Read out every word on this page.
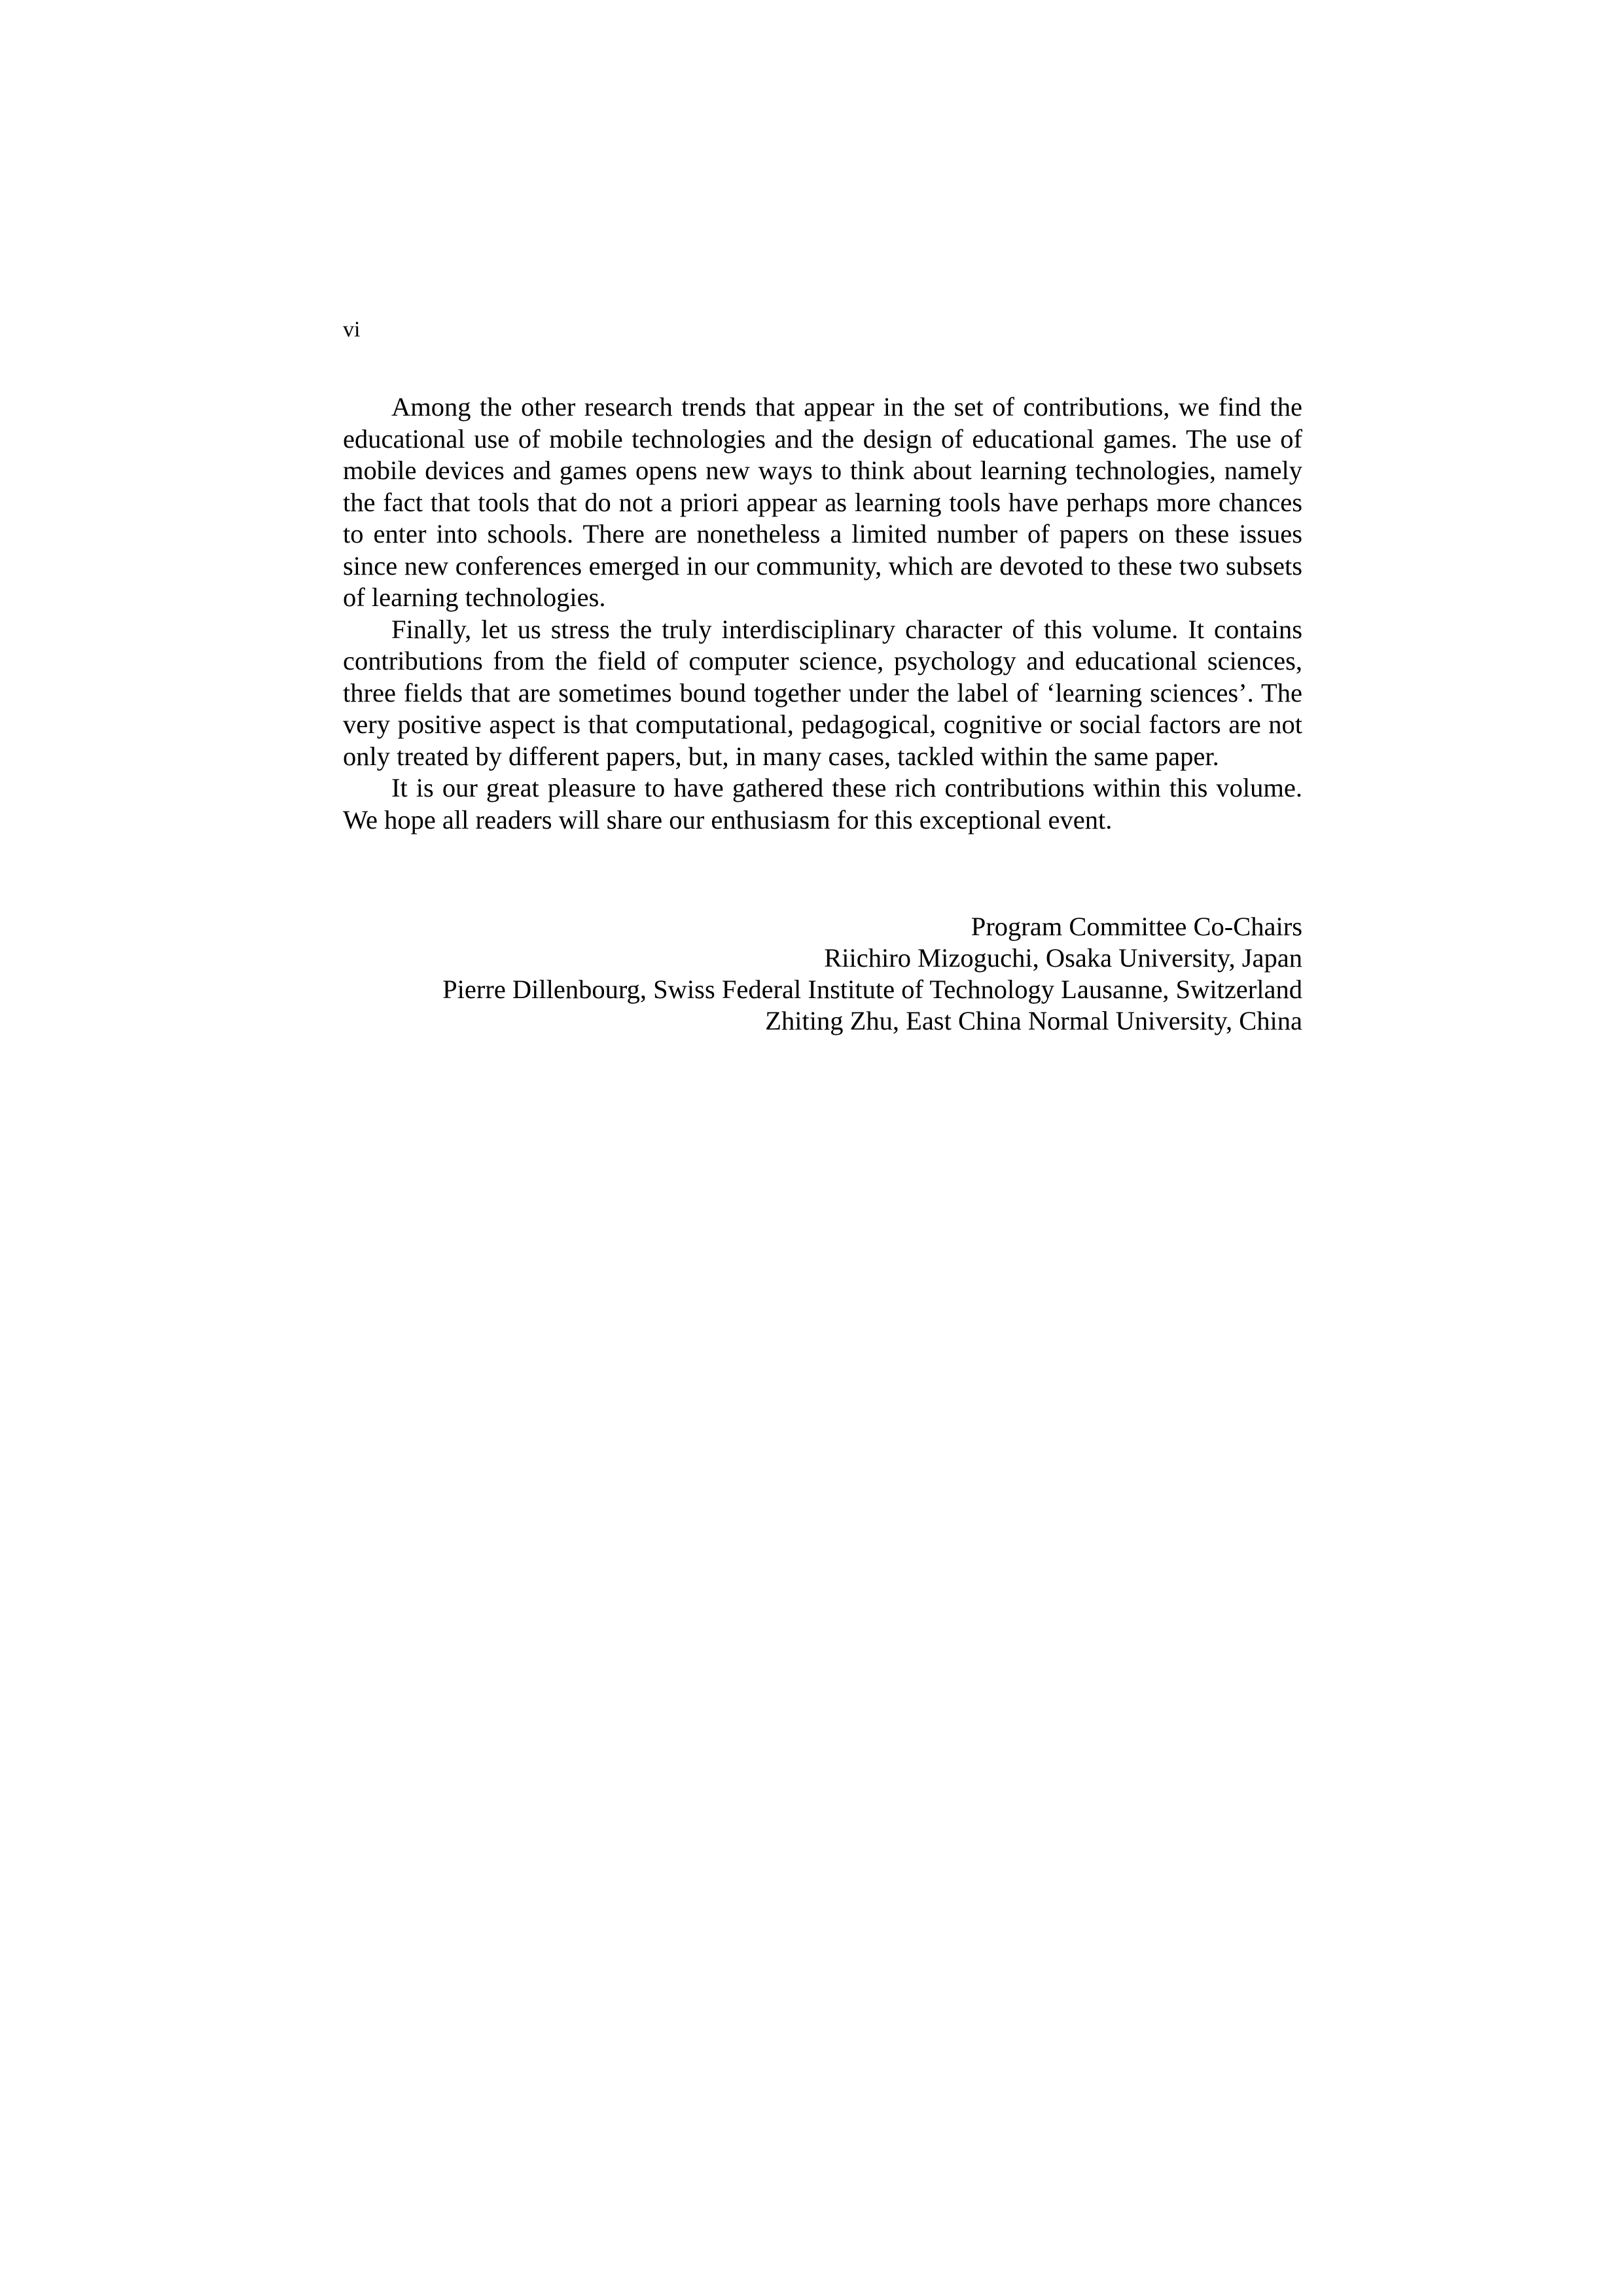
vi

Among the other research trends that appear in the set of contributions, we find the educational use of mobile technologies and the design of educational games. The use of mobile devices and games opens new ways to think about learning technologies, namely the fact that tools that do not a priori appear as learning tools have perhaps more chances to enter into schools. There are nonetheless a limited number of papers on these issues since new conferences emerged in our community, which are devoted to these two subsets of learning technologies.

Finally, let us stress the truly interdisciplinary character of this volume. It contains contributions from the field of computer science, psychology and educational sciences, three fields that are sometimes bound together under the label of ‘learning sciences’. The very positive aspect is that computational, pedagogical, cognitive or social factors are not only treated by different papers, but, in many cases, tackled within the same paper.

It is our great pleasure to have gathered these rich contributions within this volume. We hope all readers will share our enthusiasm for this exceptional event.

Program Committee Co-Chairs
Riichiro Mizoguchi, Osaka University, Japan
Pierre Dillenbourg, Swiss Federal Institute of Technology Lausanne, Switzerland
Zhiting Zhu, East China Normal University, China
